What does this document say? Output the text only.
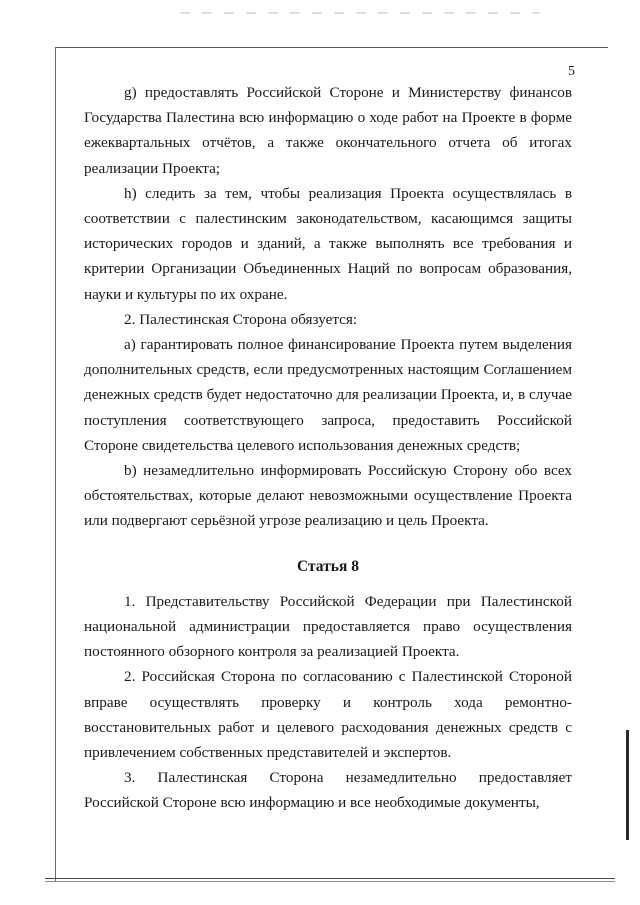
5

g) предоставлять Российской Стороне и Министерству финансов Государства Палестина всю информацию о ходе работ на Проекте в форме ежеквартальных отчётов, а также окончательного отчета об итогах реализации Проекта;

h) следить за тем, чтобы реализация Проекта осуществлялась в соответствии с палестинским законодательством, касающимся защиты исторических городов и зданий, а также выполнять все требования и критерии Организации Объединенных Наций по вопросам образования, науки и культуры по их охране.

2. Палестинская Сторона обязуется:

a) гарантировать полное финансирование Проекта путем выделения дополнительных средств, если предусмотренных настоящим Соглашением денежных средств будет недостаточно для реализации Проекта, и, в случае поступления соответствующего запроса, предоставить Российской Стороне свидетельства целевого использования денежных средств;

b) незамедлительно информировать Российскую Сторону обо всех обстоятельствах, которые делают невозможными осуществление Проекта или подвергают серьёзной угрозе реализацию и цель Проекта.

Статья 8

1. Представительству Российской Федерации при Палестинской национальной администрации предоставляется право осуществления постоянного обзорного контроля за реализацией Проекта.

2. Российская Сторона по согласованию с Палестинской Стороной вправе осуществлять проверку и контроль хода ремонтно-восстановительных работ и целевого расходования денежных средств с привлечением собственных представителей и экспертов.

3. Палестинская Сторона незамедлительно предоставляет Российской Стороне всю информацию и все необходимые документы,
